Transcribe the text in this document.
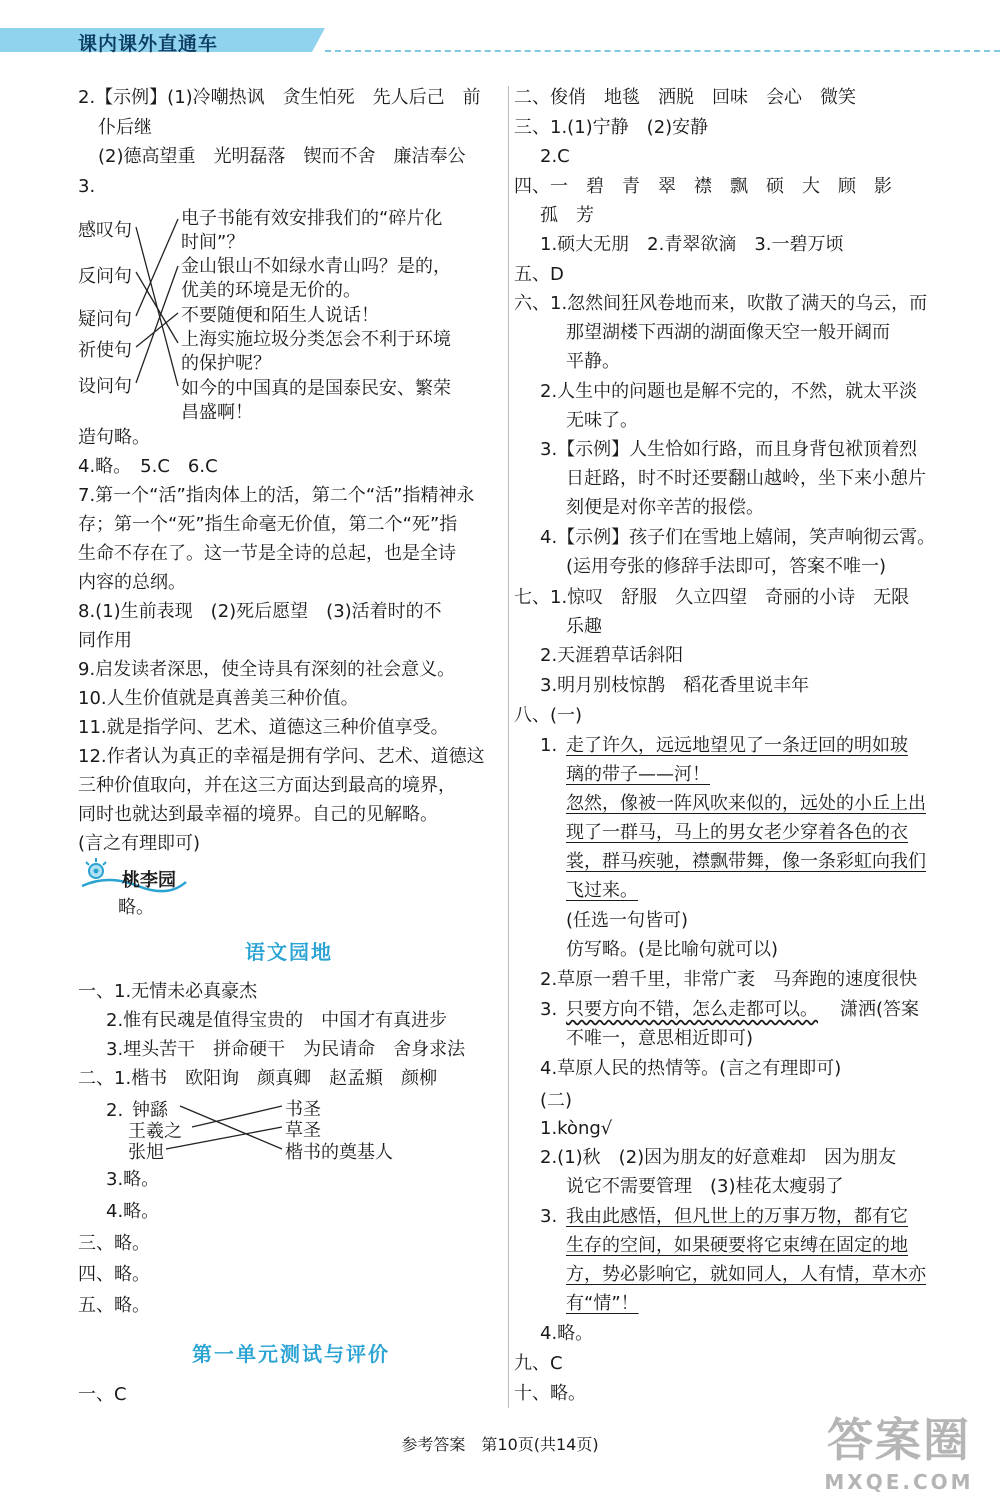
课内课外直通车
2.【示例】(1)冷嘲热讽　贪生怕死　先人后己　前
仆后继
(2)德高望重　光明磊落　锲而不舍　廉洁奉公
3.
感叹句
反问句
疑问句
祈使句
设问句
电子书能有效安排我们的“碎片化
时间”？
金山银山不如绿水青山吗？是的，
优美的环境是无价的。
不要随便和陌生人说话！
上海实施垃圾分类怎会不利于环境
的保护呢？
如今的中国真的是国泰民安、繁荣
昌盛啊！
造句略。
4.略。　5.C　6.C
7.第一个“活”指肉体上的活，第二个“活”指精神永
存；第一个“死”指生命毫无价值，第二个“死”指
生命不存在了。这一节是全诗的总起，也是全诗
内容的总纲。
8.(1)生前表现　(2)死后愿望　(3)活着时的不
同作用
9.启发读者深思，使全诗具有深刻的社会意义。
10.人生价值就是真善美三种价值。
11.就是指学问、艺术、道德这三种价值享受。
12.作者认为真正的幸福是拥有学问、艺术、道德这
三种价值取向，并在这三方面达到最高的境界，
同时也就达到最幸福的境界。自己的见解略。
(言之有理即可)
桃李园
略。
语文园地
一、1.无情未必真豪杰
2.惟有民魂是值得宝贵的　中国才有真进步
3.埋头苦干　拼命硬干　为民请命　舍身求法
二、1.楷书　欧阳询　颜真卿　赵孟頫　颜柳
2. 钟繇
王羲之
张旭
书圣
草圣
楷书的奠基人
3.略。
4.略。
三、略。
四、略。
五、略。
第一单元测试与评价
一、C
二、俊俏　地毯　洒脱　回味　会心　微笑
三、1.(1)宁静　(2)安静
2.C
四、一　碧　青　翠　襟　飘　硕　大　顾　影
孤　芳
1.硕大无朋　2.青翠欲滴　3.一碧万顷
五、D
六、1.忽然间狂风卷地而来，吹散了满天的乌云，而
那望湖楼下西湖的湖面像天空一般开阔而
平静。
2.人生中的问题也是解不完的，不然，就太平淡
无味了。
3.【示例】人生恰如行路，而且身背包袱顶着烈
日赶路，时不时还要翻山越岭，坐下来小憩片
刻便是对你辛苦的报偿。
4.【示例】孩子们在雪地上嬉闹，笑声响彻云霄。
(运用夸张的修辞手法即可，答案不唯一)
七、1.惊叹　舒服　久立四望　奇丽的小诗　无限
乐趣
2.天涯碧草话斜阳
3.明月别枝惊鹊　稻花香里说丰年
八、(一)
1. 走了许久，远远地望见了一条迂回的明如玻
璃的带子——河！
忽然，像被一阵风吹来似的，远处的小丘上出
现了一群马，马上的男女老少穿着各色的衣
裳，群马疾驰，襟飘带舞，像一条彩虹向我们
飞过来。
(任选一句皆可)
仿写略。(是比喻句就可以)
2.草原一碧千里，非常广袤　马奔跑的速度很快
3. 只要方向不错，怎么走都可以。 　潇洒(答案
不唯一，意思相近即可)
4.草原人民的热情等。(言之有理即可)
(二)
1.kòng√
2.(1)秋　(2)因为朋友的好意难却　因为朋友
说它不需要管理　(3)桂花太瘦弱了
3. 我由此感悟，但凡世上的万事万物，都有它
生存的空间，如果硬要将它束缚在固定的地
方，势必影响它，就如同人，人有情，草木亦
有“情”！
4.略。
九、C
十、略。
参考答案　第10页(共14页)	答案圈
MXQE.COM
